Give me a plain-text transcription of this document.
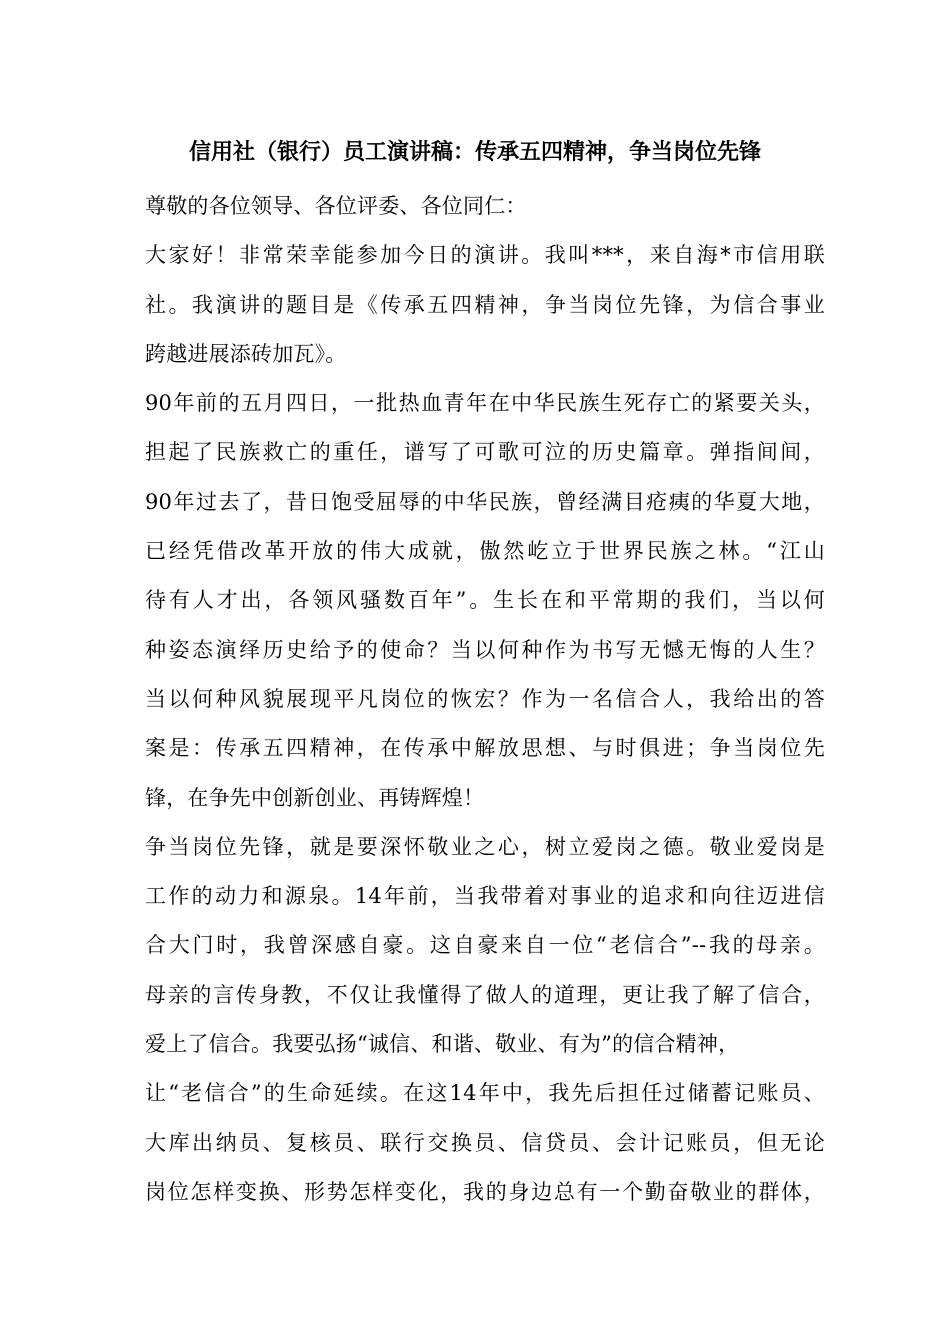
信用社（银行）员工演讲稿：传承五四精神，争当岗位先锋
尊敬的各位领导、各位评委、各位同仁：
大家好！非常荣幸能参加今日的演讲。我叫***，来自海*市信用联
社。我演讲的题目是《传承五四精神，争当岗位先锋，为信合事业
跨越进展添砖加瓦》。
90年前的五月四日，一批热血青年在中华民族生死存亡的紧要关头，
担起了民族救亡的重任，谱写了可歌可泣的历史篇章。弹指间间，
90年过去了，昔日饱受屈辱的中华民族，曾经满目疮痍的华夏大地，
已经凭借改革开放的伟大成就，傲然屹立于世界民族之林。“江山
待有人才出，各领风骚数百年”。生长在和平常期的我们，当以何
种姿态演绎历史给予的使命？当以何种作为书写无憾无悔的人生？
当以何种风貌展现平凡岗位的恢宏？作为一名信合人，我给出的答
案是：传承五四精神，在传承中解放思想、与时俱进；争当岗位先
锋，在争先中创新创业、再铸辉煌！
争当岗位先锋，就是要深怀敬业之心，树立爱岗之德。敬业爱岗是
工作的动力和源泉。14年前，当我带着对事业的追求和向往迈进信
合大门时，我曾深感自豪。这自豪来自一位“老信合”--我的母亲。
母亲的言传身教，不仅让我懂得了做人的道理，更让我了解了信合，
爱上了信合。我要弘扬“诚信、和谐、敬业、有为”的信合精神，
让“老信合”的生命延续。在这14年中，我先后担任过储蓄记账员、
大库出纳员、复核员、联行交换员、信贷员、会计记账员，但无论
岗位怎样变换、形势怎样变化，我的身边总有一个勤奋敬业的群体，
